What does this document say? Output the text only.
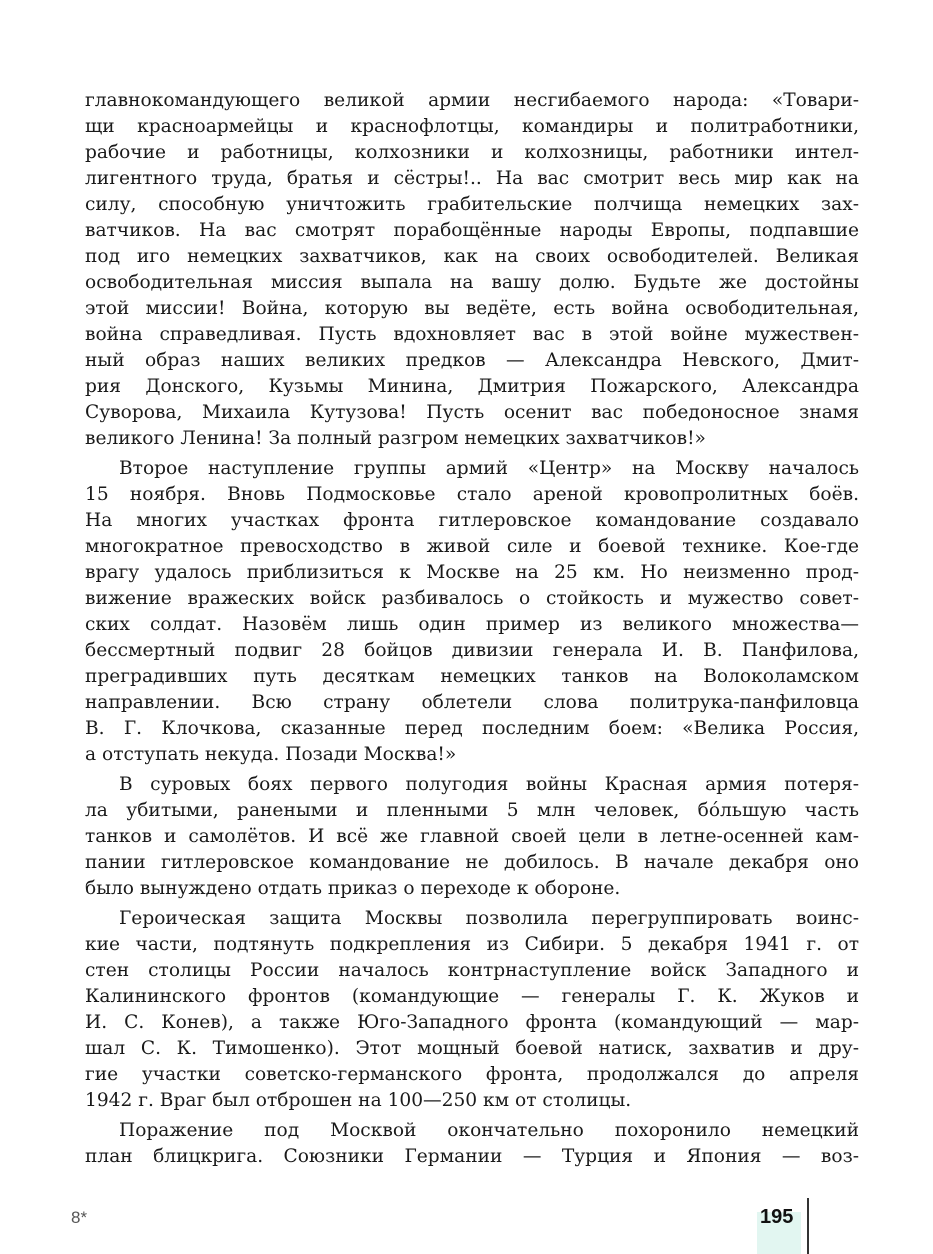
главнокомандующего великой армии несгибаемого народа: «Товари-
щи красноармейцы и краснофлотцы, командиры и политработники,
рабочие и работницы, колхозники и колхозницы, работники интел-
лигентного труда, братья и сёстры!.. На вас смотрит весь мир как на
силу, способную уничтожить грабительские полчища немецких зах-
ватчиков. На вас смотрят порабощённые народы Европы, подпавшие
под иго немецких захватчиков, как на своих освободителей. Великая
освободительная миссия выпала на вашу долю. Будьте же достойны
этой миссии! Война, которую вы ведёте, есть война освободительная,
война справедливая. Пусть вдохновляет вас в этой войне мужествен-
ный образ наших великих предков — Александра Невского, Дмит-
рия Донского, Кузьмы Минина, Дмитрия Пожарского, Александра
Суворова, Михаила Кутузова! Пусть осенит вас победоносное знамя
великого Ленина! За полный разгром немецких захватчиков!»
Второе наступление группы армий «Центр» на Москву началось
15 ноября. Вновь Подмосковье стало ареной кровопролитных боёв.
На многих участках фронта гитлеровское командование создавало
многократное превосходство в живой силе и боевой технике. Кое-где
врагу удалось приблизиться к Москве на 25 км. Но неизменно прод-
вижение вражеских войск разбивалось о стойкость и мужество совет-
ских солдат. Назовём лишь один пример из великого множества—
бессмертный подвиг 28 бойцов дивизии генерала И. В. Панфилова,
преградивших путь десяткам немецких танков на Волоколамском
направлении. Всю страну облетели слова политрука-панфиловца
В. Г. Клочкова, сказанные перед последним боем: «Велика Россия,
а отступать некуда. Позади Москва!»
В суровых боях первого полугодия войны Красная армия потеря-
ла убитыми, ранеными и пленными 5 млн человек, бо́льшую часть
танков и самолётов. И всё же главной своей цели в летне-осенней кам-
пании гитлеровское командование не добилось. В начале декабря оно
было вынуждено отдать приказ о переходе к обороне.
Героическая защита Москвы позволила перегруппировать воинс-
кие части, подтянуть подкрепления из Сибири. 5 декабря 1941 г. от
стен столицы России началось контрнаступление войск Западного и
Калининского фронтов (командующие — генералы Г. К. Жуков и
И. С. Конев), а также Юго-Западного фронта (командующий — мар-
шал С. К. Тимошенко). Этот мощный боевой натиск, захватив и дру-
гие участки советско-германского фронта, продолжался до апреля
1942 г. Враг был отброшен на 100—250 км от столицы.
Поражение под Москвой окончательно похоронило немецкий
план блицкрига. Союзники Германии — Турция и Япония — воз-
8*	195
